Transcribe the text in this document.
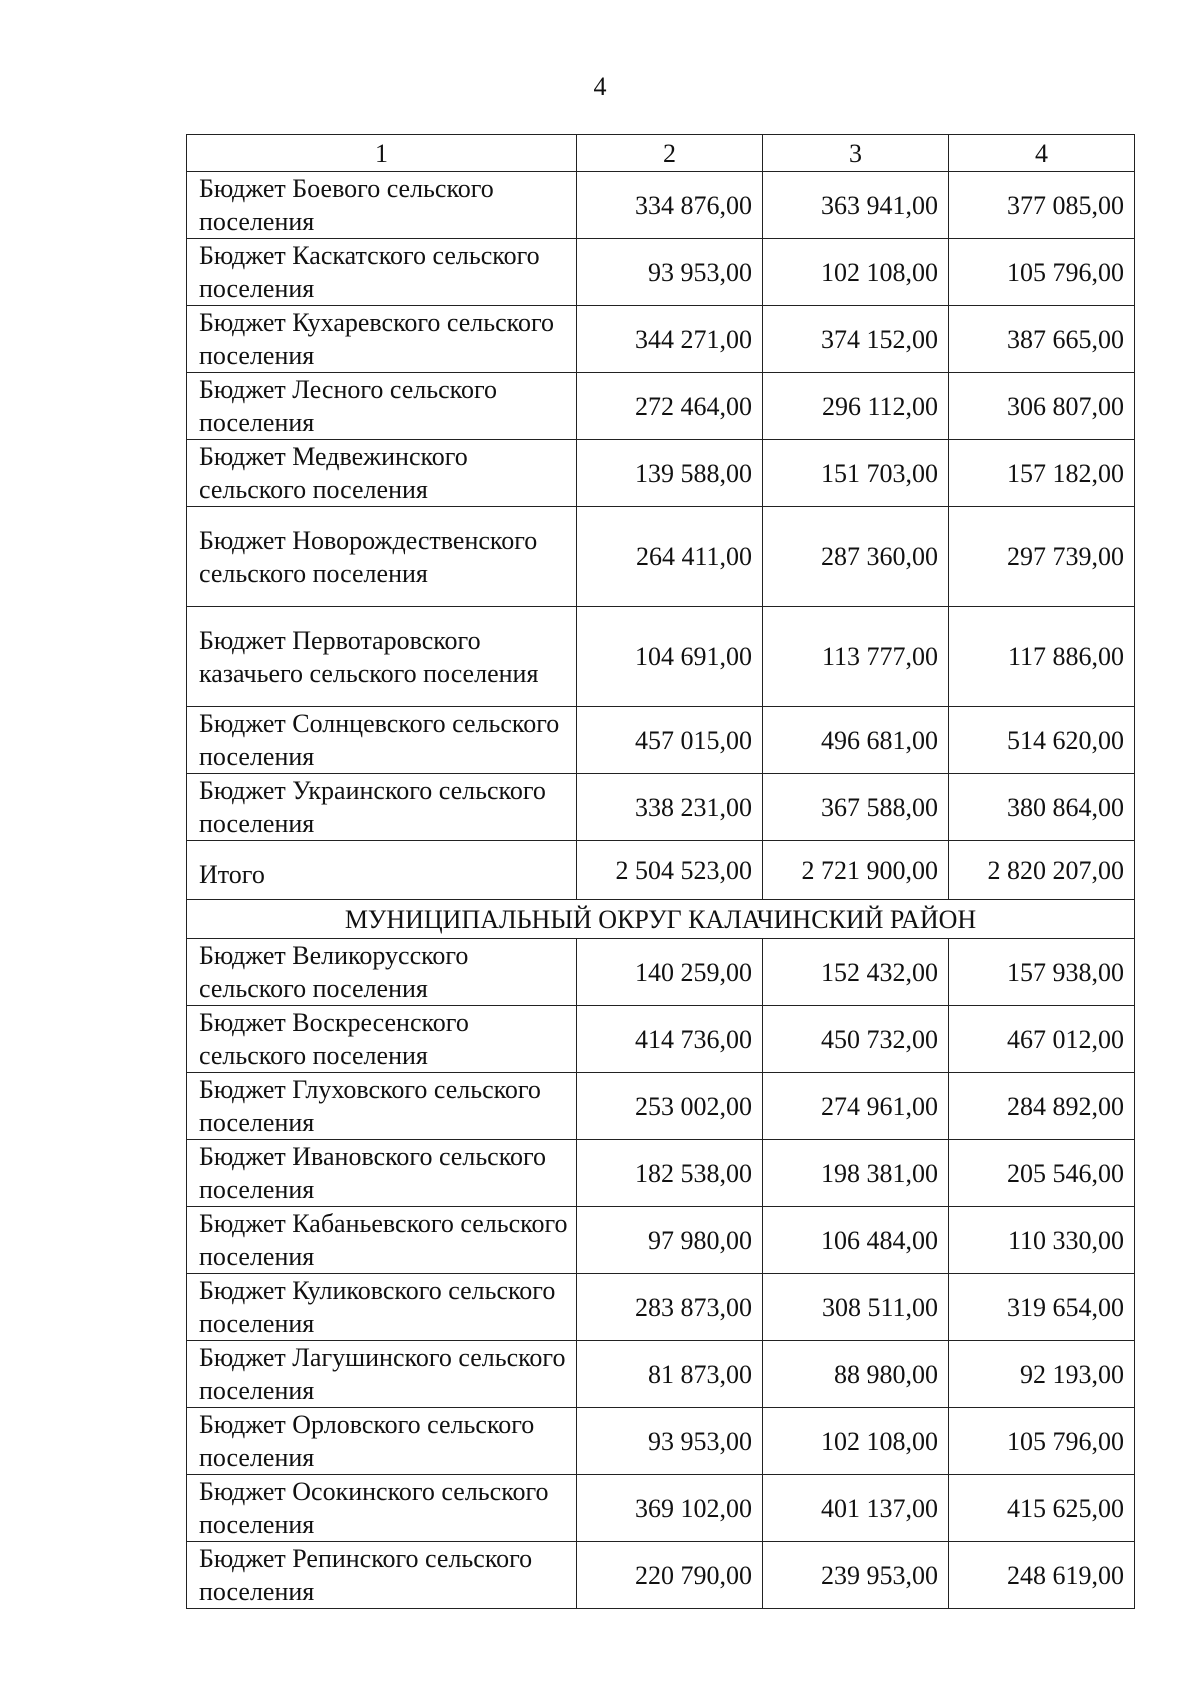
4
1	2	3	4
Бюджет Боевого сельского поселения	334 876,00	363 941,00	377 085,00
Бюджет Каскатского сельского поселения	93 953,00	102 108,00	105 796,00
Бюджет Кухаревского сельского поселения	344 271,00	374 152,00	387 665,00
Бюджет Лесного сельского поселения	272 464,00	296 112,00	306 807,00
Бюджет Медвежинского сельского поселения	139 588,00	151 703,00	157 182,00
Бюджет Новорождественского сельского поселения	264 411,00	287 360,00	297 739,00
Бюджет Первотаровского казачьего сельского поселения	104 691,00	113 777,00	117 886,00
Бюджет Солнцевского сельского поселения	457 015,00	496 681,00	514 620,00
Бюджет Украинского сельского поселения	338 231,00	367 588,00	380 864,00
Итого	2 504 523,00	2 721 900,00	2 820 207,00
МУНИЦИПАЛЬНЫЙ ОКРУГ КАЛАЧИНСКИЙ РАЙОН			
Бюджет Великорусского сельского поселения	140 259,00	152 432,00	157 938,00
Бюджет Воскресенского сельского поселения	414 736,00	450 732,00	467 012,00
Бюджет Глуховского сельского поселения	253 002,00	274 961,00	284 892,00
Бюджет Ивановского сельского поселения	182 538,00	198 381,00	205 546,00
Бюджет Кабаньевского сельского поселения	97 980,00	106 484,00	110 330,00
Бюджет Куликовского сельского поселения	283 873,00	308 511,00	319 654,00
Бюджет Лагушинского сельского поселения	81 873,00	88 980,00	92 193,00
Бюджет Орловского сельского поселения	93 953,00	102 108,00	105 796,00
Бюджет Осокинского сельского поселения	369 102,00	401 137,00	415 625,00
Бюджет Репинского сельского поселения	220 790,00	239 953,00	248 619,00
